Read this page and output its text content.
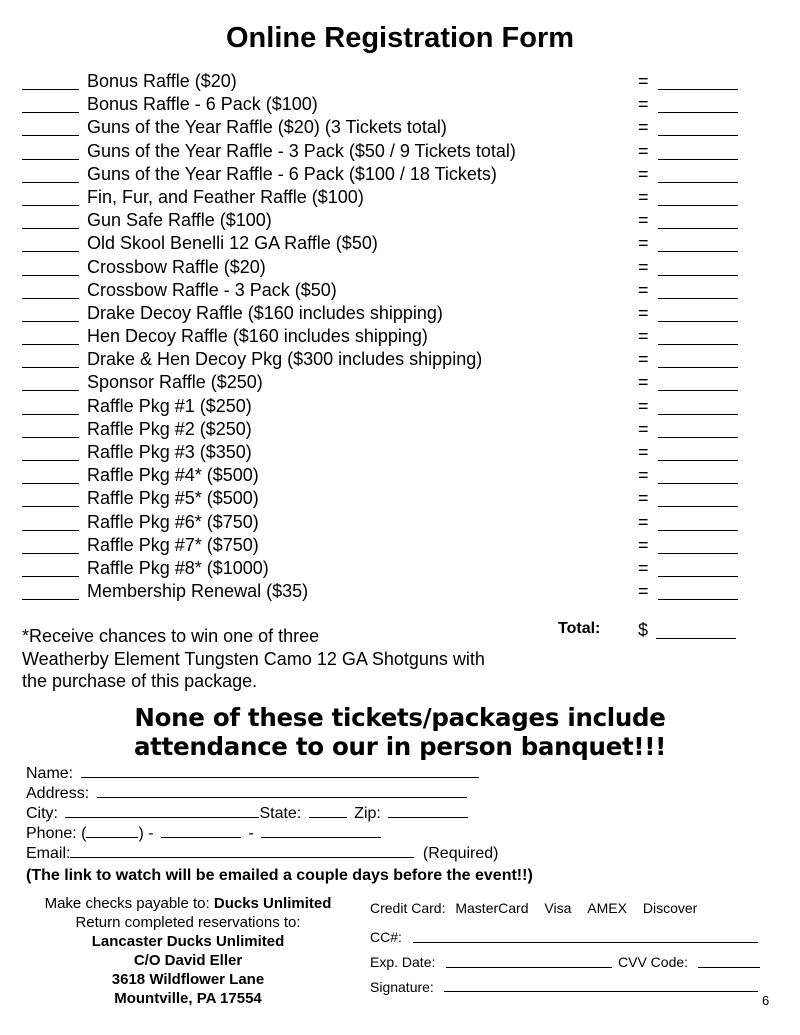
Online Registration Form
Bonus Raffle ($20)	=
Bonus Raffle - 6 Pack ($100)	=
Guns of the Year Raffle ($20) (3 Tickets total)	=
Guns of the Year Raffle - 3 Pack ($50 / 9 Tickets total)	=
Guns of the Year Raffle - 6 Pack ($100 / 18 Tickets)	=
Fin, Fur, and Feather Raffle ($100)	=
Gun Safe Raffle ($100)	=
Old Skool Benelli 12 GA Raffle ($50)	=
Crossbow Raffle ($20)	=
Crossbow Raffle - 3 Pack ($50)	=
Drake Decoy Raffle ($160 includes shipping)	=
Hen Decoy Raffle ($160 includes shipping)	=
Drake & Hen Decoy Pkg ($300 includes shipping)	=
Sponsor Raffle ($250)	=
Raffle Pkg #1 ($250)	=
Raffle Pkg #2 ($250)	=
Raffle Pkg #3 ($350)	=
Raffle Pkg #4* ($500)	=
Raffle Pkg #5* ($500)	=
Raffle Pkg #6* ($750)	=
Raffle Pkg #7* ($750)	=
Raffle Pkg #8* ($1000)	=
Membership Renewal ($35)	=
Total: $
*Receive chances to win one of three
Weatherby Element Tungsten Camo 12 GA Shotguns with
the purchase of this package.
None of these tickets/packages include
attendance to our in person banquet!!!
Name:
Address:
City:	State:	Zip:
Phone: (	) -	-
Email:	(Required)
(The link to watch will be emailed a couple days before the event!!)
Make checks payable to: Ducks Unlimited
Return completed reservations to:
Lancaster Ducks Unlimited
C/O David Eller
3618 Wildflower Lane
Mountville, PA 17554
Credit Card: MasterCard Visa AMEX Discover
CC#:
Exp. Date:	CVV Code:
Signature:
6
